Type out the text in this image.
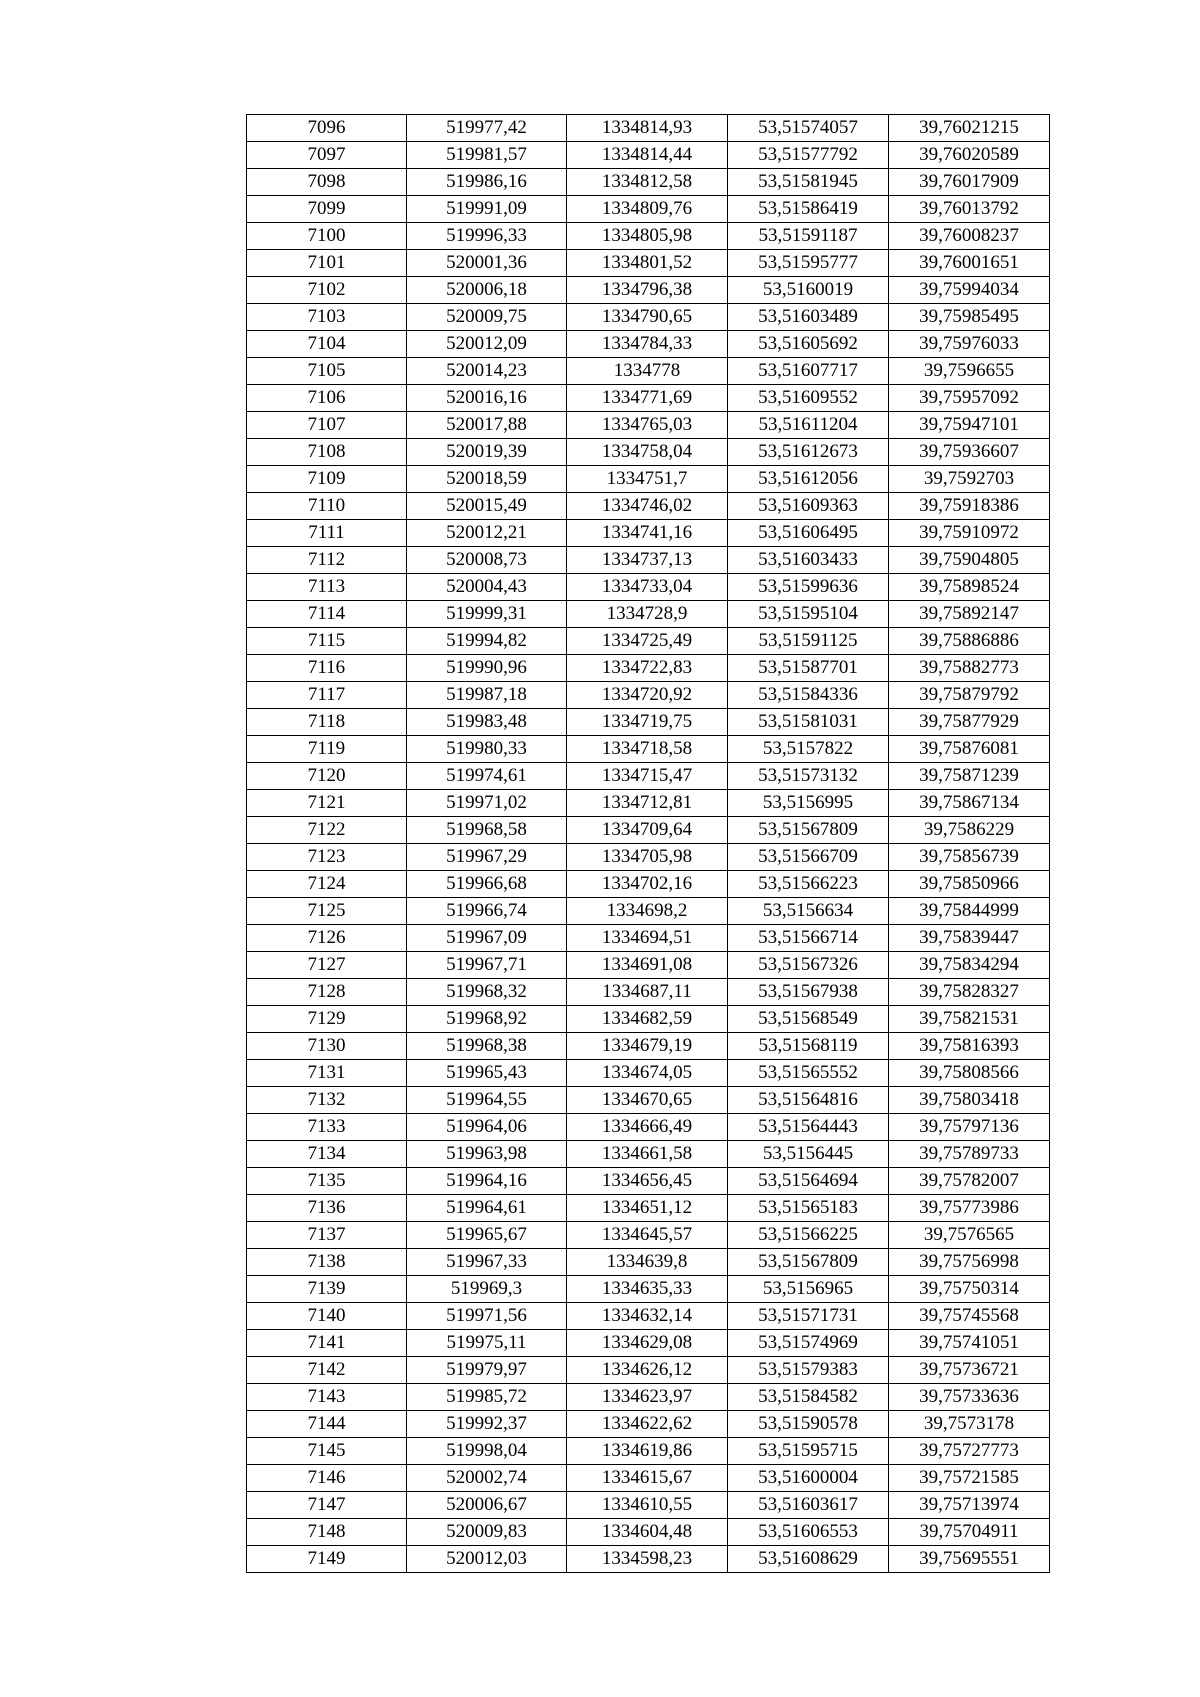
7096	519977,42	1334814,93	53,51574057	39,76021215
7097	519981,57	1334814,44	53,51577792	39,76020589
7098	519986,16	1334812,58	53,51581945	39,76017909
7099	519991,09	1334809,76	53,51586419	39,76013792
7100	519996,33	1334805,98	53,51591187	39,76008237
7101	520001,36	1334801,52	53,51595777	39,76001651
7102	520006,18	1334796,38	53,5160019	39,75994034
7103	520009,75	1334790,65	53,51603489	39,75985495
7104	520012,09	1334784,33	53,51605692	39,75976033
7105	520014,23	1334778	53,51607717	39,7596655
7106	520016,16	1334771,69	53,51609552	39,75957092
7107	520017,88	1334765,03	53,51611204	39,75947101
7108	520019,39	1334758,04	53,51612673	39,75936607
7109	520018,59	1334751,7	53,51612056	39,7592703
7110	520015,49	1334746,02	53,51609363	39,75918386
7111	520012,21	1334741,16	53,51606495	39,75910972
7112	520008,73	1334737,13	53,51603433	39,75904805
7113	520004,43	1334733,04	53,51599636	39,75898524
7114	519999,31	1334728,9	53,51595104	39,75892147
7115	519994,82	1334725,49	53,51591125	39,75886886
7116	519990,96	1334722,83	53,51587701	39,75882773
7117	519987,18	1334720,92	53,51584336	39,75879792
7118	519983,48	1334719,75	53,51581031	39,75877929
7119	519980,33	1334718,58	53,5157822	39,75876081
7120	519974,61	1334715,47	53,51573132	39,75871239
7121	519971,02	1334712,81	53,5156995	39,75867134
7122	519968,58	1334709,64	53,51567809	39,7586229
7123	519967,29	1334705,98	53,51566709	39,75856739
7124	519966,68	1334702,16	53,51566223	39,75850966
7125	519966,74	1334698,2	53,5156634	39,75844999
7126	519967,09	1334694,51	53,51566714	39,75839447
7127	519967,71	1334691,08	53,51567326	39,75834294
7128	519968,32	1334687,11	53,51567938	39,75828327
7129	519968,92	1334682,59	53,51568549	39,75821531
7130	519968,38	1334679,19	53,51568119	39,75816393
7131	519965,43	1334674,05	53,51565552	39,75808566
7132	519964,55	1334670,65	53,51564816	39,75803418
7133	519964,06	1334666,49	53,51564443	39,75797136
7134	519963,98	1334661,58	53,5156445	39,75789733
7135	519964,16	1334656,45	53,51564694	39,75782007
7136	519964,61	1334651,12	53,51565183	39,75773986
7137	519965,67	1334645,57	53,51566225	39,7576565
7138	519967,33	1334639,8	53,51567809	39,75756998
7139	519969,3	1334635,33	53,5156965	39,75750314
7140	519971,56	1334632,14	53,51571731	39,75745568
7141	519975,11	1334629,08	53,51574969	39,75741051
7142	519979,97	1334626,12	53,51579383	39,75736721
7143	519985,72	1334623,97	53,51584582	39,75733636
7144	519992,37	1334622,62	53,51590578	39,7573178
7145	519998,04	1334619,86	53,51595715	39,75727773
7146	520002,74	1334615,67	53,51600004	39,75721585
7147	520006,67	1334610,55	53,51603617	39,75713974
7148	520009,83	1334604,48	53,51606553	39,75704911
7149	520012,03	1334598,23	53,51608629	39,75695551
